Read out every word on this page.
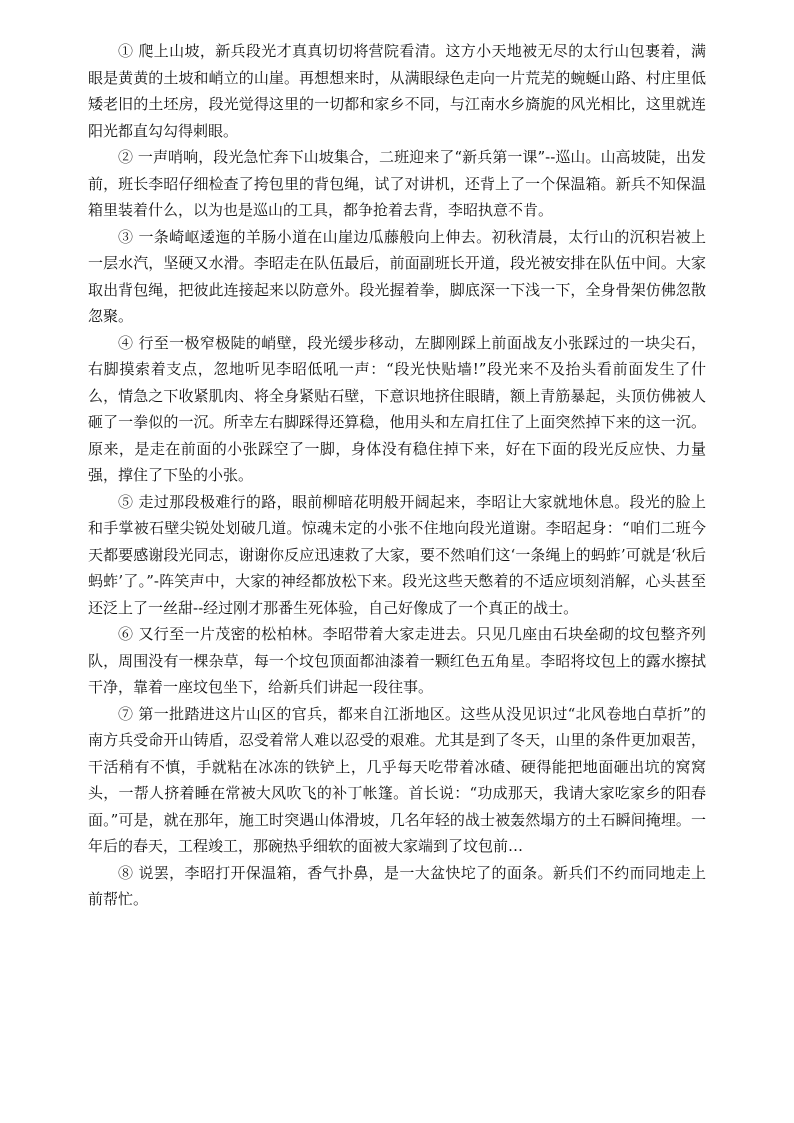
① 爬上山坡，新兵段光才真真切切将营院看清。这方小天地被无尽的太行山包裹着，满眼是黄黄的土坡和峭立的山崖。再想想来时，从满眼绿色走向一片荒芜的蜿蜒山路、村庄里低矮老旧的土坯房，段光觉得这里的一切都和家乡不同，与江南水乡旖旎的风光相比，这里就连阳光都直勾勾得刺眼。

② 一声哨响，段光急忙奔下山坡集合，二班迎来了“新兵第一课”--巡山。山高坡陡，出发前，班长李昭仔细检查了挎包里的背包绳，试了对讲机，还背上了一个保温箱。新兵不知保温箱里装着什么，以为也是巡山的工具，都争抢着去背，李昭执意不肯。

③ 一条崎岖逶迤的羊肠小道在山崖边瓜藤般向上伸去。初秋清晨，太行山的沉积岩被上一层水汽，坚硬又水滑。李昭走在队伍最后，前面副班长开道，段光被安排在队伍中间。大家取出背包绳，把彼此连接起来以防意外。段光握着拳，脚底深一下浅一下，全身骨架仿佛忽散忽聚。

④ 行至一极窄极陡的峭壁，段光缓步移动，左脚刚踩上前面战友小张踩过的一块尖石，右脚摸索着支点，忽地听见李昭低吼一声：“段光快贴墙!”段光来不及抬头看前面发生了什么，情急之下收紧肌肉、将全身紧贴石壁，下意识地挤住眼睛，额上青筋暴起，头顶仿佛被人砸了一拳似的一沉。所幸左右脚踩得还算稳，他用头和左肩扛住了上面突然掉下来的这一沉。原来，是走在前面的小张踩空了一脚，身体没有稳住掉下来，好在下面的段光反应快、力量强，撑住了下坠的小张。

⑤ 走过那段极难行的路，眼前柳暗花明般开阔起来，李昭让大家就地休息。段光的脸上和手掌被石壁尖锐处划破几道。惊魂未定的小张不住地向段光道谢。李昭起身：“咱们二班今天都要感谢段光同志，谢谢你反应迅速救了大家，要不然咱们这‘一条绳上的蚂蚱’可就是‘秋后蚂蚱’了。”-阵笑声中，大家的神经都放松下来。段光这些天憋着的不适应顷刻消解，心头甚至还泛上了一丝甜--经过刚才那番生死体验，自己好像成了一个真正的战士。

⑥ 又行至一片茂密的松柏林。李昭带着大家走进去。只见几座由石块垒砌的坟包整齐列队，周围没有一棵杂草，每一个坟包顶面都油漆着一颗红色五角星。李昭将坟包上的露水擦拭干净，靠着一座坟包坐下，给新兵们讲起一段往事。

⑦ 第一批踏进这片山区的官兵，都来自江浙地区。这些从没见识过“北风卷地白草折”的南方兵受命开山铸盾，忍受着常人难以忍受的艰难。尤其是到了冬天，山里的条件更加艰苦，干活稍有不慎，手就粘在冰冻的铁铲上，几乎每天吃带着冰碴、硬得能把地面砸出坑的窝窝头，一帮人挤着睡在常被大风吹飞的补丁帐篷。首长说：“功成那天，我请大家吃家乡的阳春面。”可是，就在那年，施工时突遇山体滑坡，几名年轻的战士被轰然塌方的土石瞬间掩埋。一年后的春天，工程竣工，那碗热乎细软的面被大家端到了坟包前…

⑧ 说罢，李昭打开保温箱，香气扑鼻，是一大盆快坨了的面条。新兵们不约而同地走上前帮忙。
